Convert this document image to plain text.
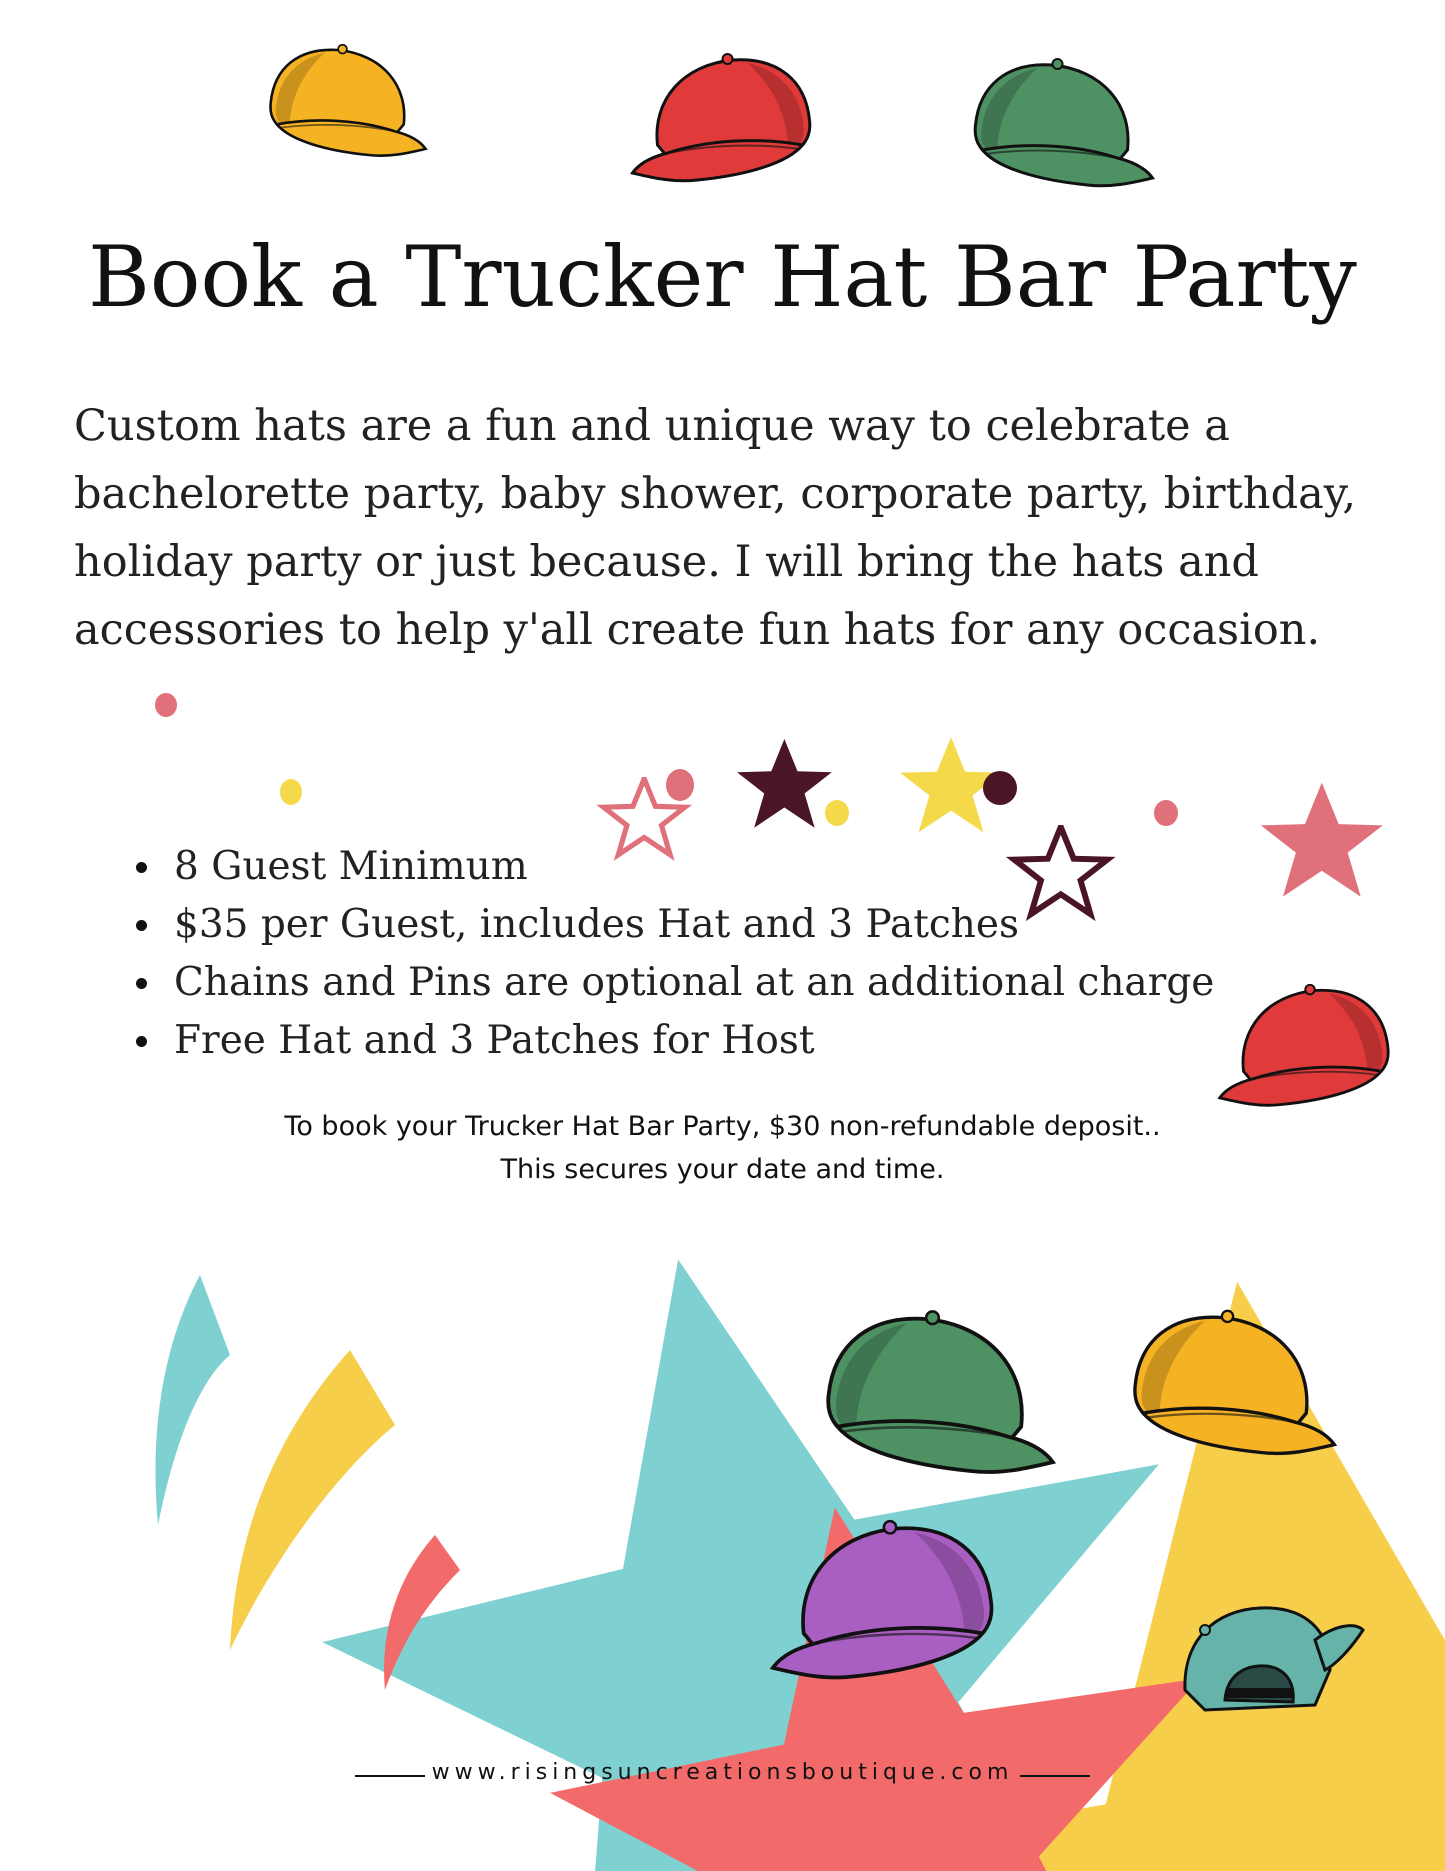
Book a Trucker Hat Bar Party

Custom hats are a fun and unique way to celebrate a bachelorette party, baby shower, corporate party, birthday, holiday party or just because. I will bring the hats and accessories to help y'all create fun hats for any occasion.

8 Guest Minimum
$35 per Guest, includes Hat and 3 Patches
Chains and Pins are optional at an additional charge
Free Hat and 3 Patches for Host
To book your Trucker Hat Bar Party, $30 non-refundable deposit..
This secures your date and time.
www.risingsuncreationsboutique.com
